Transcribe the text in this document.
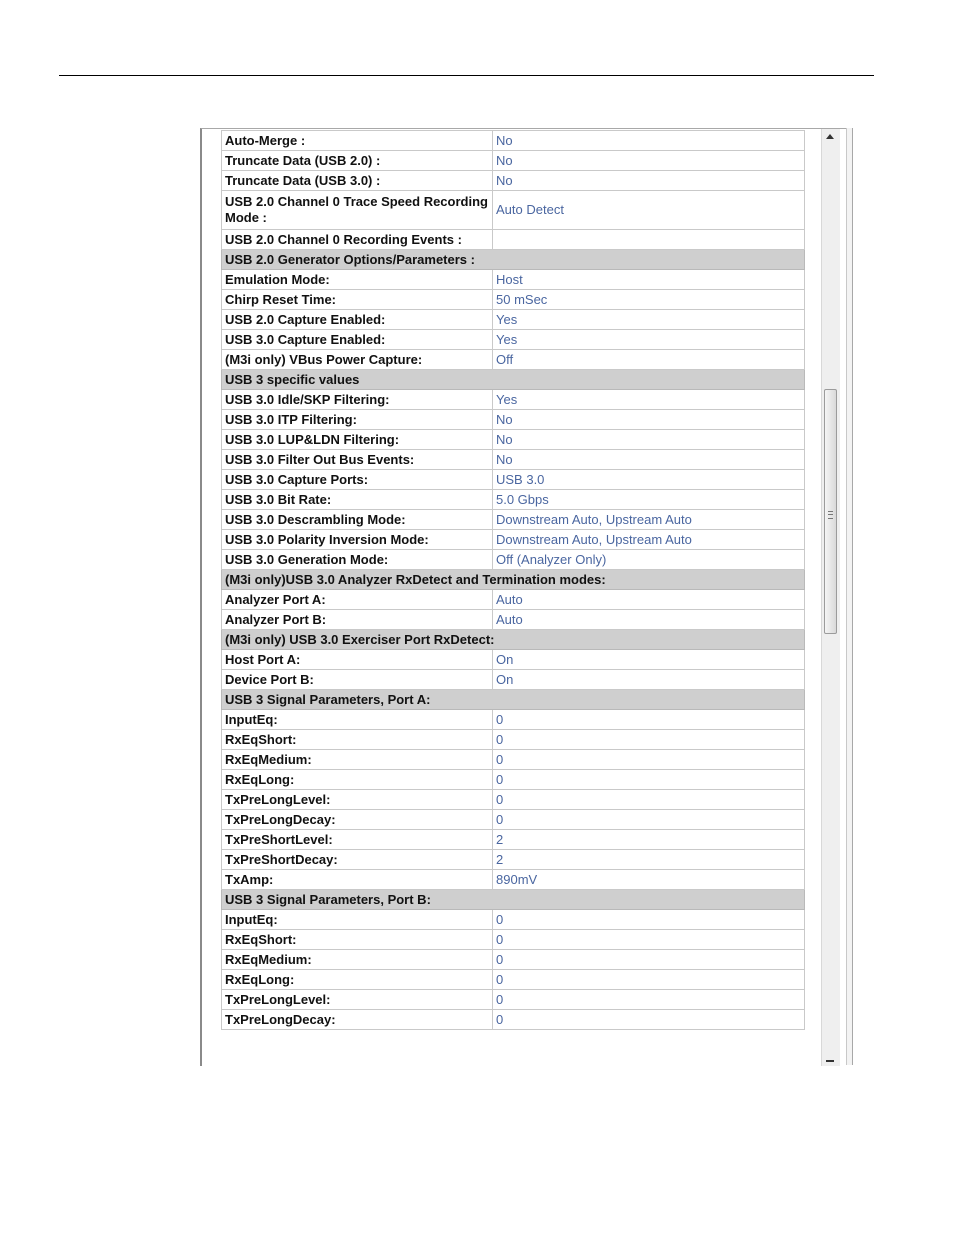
Auto-Merge :	No
Truncate Data (USB 2.0) :	No
Truncate Data (USB 3.0) :	No
USB 2.0 Channel 0 Trace Speed Recording Mode :	Auto Detect
USB 2.0 Channel 0 Recording Events :	
USB 2.0 Generator Options/Parameters :	
Emulation Mode:	Host
Chirp Reset Time:	50 mSec
USB 2.0 Capture Enabled:	Yes
USB 3.0 Capture Enabled:	Yes
(M3i only) VBus Power Capture:	Off
USB 3 specific values	
USB 3.0 Idle/SKP Filtering:	Yes
USB 3.0 ITP Filtering:	No
USB 3.0 LUP&LDN Filtering:	No
USB 3.0 Filter Out Bus Events:	No
USB 3.0 Capture Ports:	USB 3.0
USB 3.0 Bit Rate:	5.0 Gbps
USB 3.0 Descrambling Mode:	Downstream Auto, Upstream Auto
USB 3.0 Polarity Inversion Mode:	Downstream Auto, Upstream Auto
USB 3.0 Generation Mode:	Off (Analyzer Only)
(M3i only)USB 3.0 Analyzer RxDetect and Termination modes:	
Analyzer Port A:	Auto
Analyzer Port B:	Auto
(M3i only) USB 3.0 Exerciser Port RxDetect:	
Host Port A:	On
Device Port B:	On
USB 3 Signal Parameters, Port A:	
InputEq:	0
RxEqShort:	0
RxEqMedium:	0
RxEqLong:	0
TxPreLongLevel:	0
TxPreLongDecay:	0
TxPreShortLevel:	2
TxPreShortDecay:	2
TxAmp:	890mV
USB 3 Signal Parameters, Port B:	
InputEq:	0
RxEqShort:	0
RxEqMedium:	0
RxEqLong:	0
TxPreLongLevel:	0
TxPreLongDecay:	0
